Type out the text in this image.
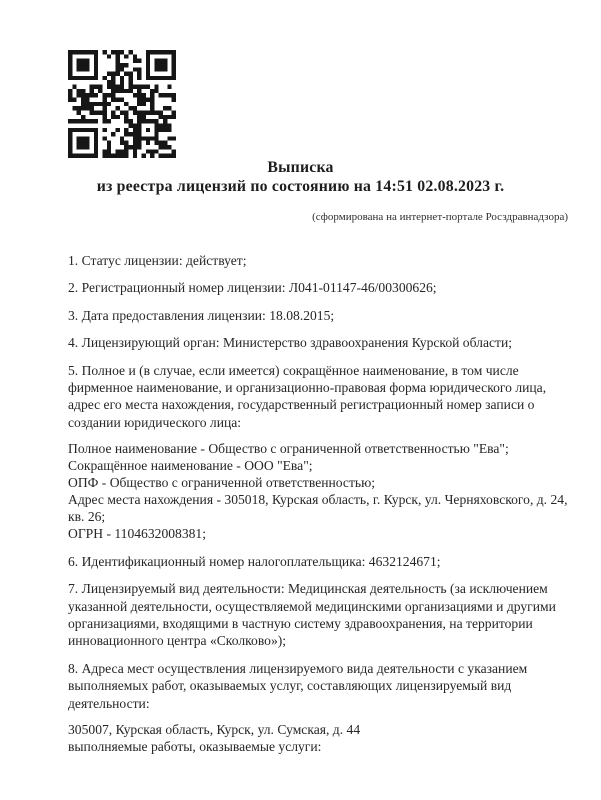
Выписка
из реестра лицензий по состоянию на 14:51 02.08.2023 г.
(сформирована на интернет-портале Росздравнадзора)

1. Статус лицензии: действует;

2. Регистрационный номер лицензии: Л041-01147-46/00300626;

3. Дата предоставления лицензии: 18.08.2015;

4. Лицензирующий орган: Министерство здравоохранения Курской области;

5. Полное и (в случае, если имеется) сокращённое наименование, в том числе фирменное наименование, и организационно-правовая форма юридического лица, адрес его места нахождения, государственный регистрационный номер записи о создании юридического лица:

Полное наименование - Общество с ограниченной ответственностью "Ева";
Сокращённое наименование - ООО "Ева";
ОПФ - Общество с ограниченной ответственностью;
Адрес места нахождения - 305018, Курская область, г. Курск, ул. Черняховского, д. 24, кв. 26;
ОГРН - 1104632008381;

6. Идентификационный номер налогоплательщика: 4632124671;

7. Лицензируемый вид деятельности: Медицинская деятельность (за исключением указанной деятельности, осуществляемой медицинскими организациями и другими организациями, входящими в частную систему здравоохранения, на территории инновационного центра «Сколково»);

8. Адреса мест осуществления лицензируемого вида деятельности с указанием выполняемых работ, оказываемых услуг, составляющих лицензируемый вид деятельности:

305007, Курская область, Курск, ул. Сумская, д. 44
выполняемые работы, оказываемые услуги:
